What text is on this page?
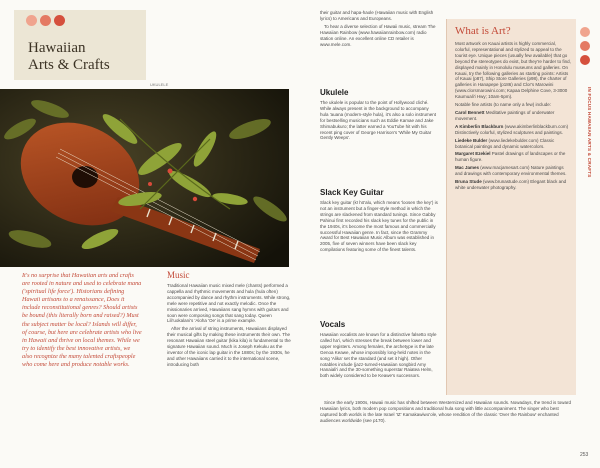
Hawaiian
Arts & Crafts
UKULELE
It's no surprise that Hawaiian arts and crafts are rooted in nature and used to celebrate mana ('spiritual life force'). Historians defining Hawaii artisans to a renaissance, Does it include reconstitutional genres? Should artists be bound (this literally born and raised?) Must the subject matter be local? Islands will differ, of course, but here are celebrate artists who live in Hawaii and thrive on local themes. While we try to identify the best innovative artists, we also recognize the many talented craftspeople who come here and produce notable works.
Music

Traditional Hawaiian music mixed mele (chants) performed a cappella and rhythmic movements and hula (hula often) accompanied by dance and rhythm instruments. While strong, mele were repetitive and not exactly melodic. Once the missionaries arrived, Hawaiians sang hymns with guitars and soon were composing songs that sang today. Queen Lili'uokalani's 'Aloha 'Oe' is a prime example.

After the arrival of string instruments, Hawaiians displayed their musical gifts by making these instruments their own. The resonant Hawaiian steel guitar (kika kila) is fundamental to the signature Hawaiian sound. Much is Joseph Kekuku as the inventor of the iconic lap guitar in the 1880s; by the 1930s, he and other Hawaiians carried it to the international scene, introducing both

their guitar and hapa-haole (Hawaiian music with English lyrics) to Americans and Europeans.

To hear a diverse selection of Hawaii music, stream The Hawaiian Rainbow (www.hawaiianrainbow.com) radio station online. An excellent online CD retailer is www.mele.com.

Ukulele

The ukulele is popular to the point of Hollywood cliché. While always present in the background to accompany hula 'auana (modern-style hula), it's also a solo instrument for bestselling musicians such as Eddie Kamae and Jake Shimabukuro; the latter earned a YouTube hit with his recent ping cover of George Harrison's 'While My Guitar Gently Weeps'.

Slack Key Guitar

Slack key guitar (kī hō'alu, which means 'loosen the key') is not an instrument but a finger-style method in which the strings are slackened from standard tunings. Since Gabby Pahinui first recorded his slack key tunes for the public in the 1940s, it's become the most famous and commercially successful Hawaiian genre. In fact, since the Grammy Award for Best Hawaiian Music Album was established in 2005, five of seven winners have been slack key compilations featuring some of the finest talents.

Vocals

Hawaiian vocalists are known for a distinctive falsetto style called ha'i, which stresses the break between lower and upper registers. Among females, the archetype is the late Genoa Keawe, whose impossibly long-held notes in the song 'Alika' set the standard (and set it high). Other notables include (jazz-turned-Hawaiian songbird Amy Hanaiali'i and the 30-something superstar Raiatea Helm, both widely considered to be Keawe's successors.

Since the early 1900s, Hawaii music has shifted between Westernized and Hawaiian sounds. Nowadays, the trend is toward Hawaiian lyrics, both modern pop compositions and traditional hula song with little accompaniment. The singer who best captured both worlds is the late Israel 'IZ' Kamakawiwo'ole, whose rendition of the classic 'Over the Rainbow' enchanted audiences worldwide (see p170).

What is Art?

Most artwork on Kauai artists is highly commercial, colorful, representational and stylized to appeal to the tourist eye. Unique pieces (usually few available) that go beyond the stereotypes do exist, but they're harder to find, displayed mainly in Honolulu museums and galleries. On Kauai, try the following galleries as starting points: Artists of Kauai (p87), Ship Store Galleries (p98), the charter of galleries in Hanapepe (p186) and Clor's Marowini (www.clorsmarowini.com; Kapaa Delphine Cove, 3-3000 Kaumuali'i Hwy; 10am-5pm).

Notable fine artists (to name only a few) include:

Carol Bennett Meditative paintings of underwater movement.

A Kimberlin Blackburn (www.akimberlinblackburn.com) Distinctively colorful, stylized sculptures and paintings.

Liedeke Bulder (www.liedekebulder.com) Classic botanical paintings and dynamic watercolors.

Margaret Ezekiel Pastel drawings of landscapes or the human figure.

Mac James (www.macjamesart.com) Nature paintings and drawings with contemporary environmental themes.

Bruna Stude (www.brunastude.com) Elegant black and white underwater photography.

IN FOCUS HAWAIIAN ARTS & CRAFTS
253
